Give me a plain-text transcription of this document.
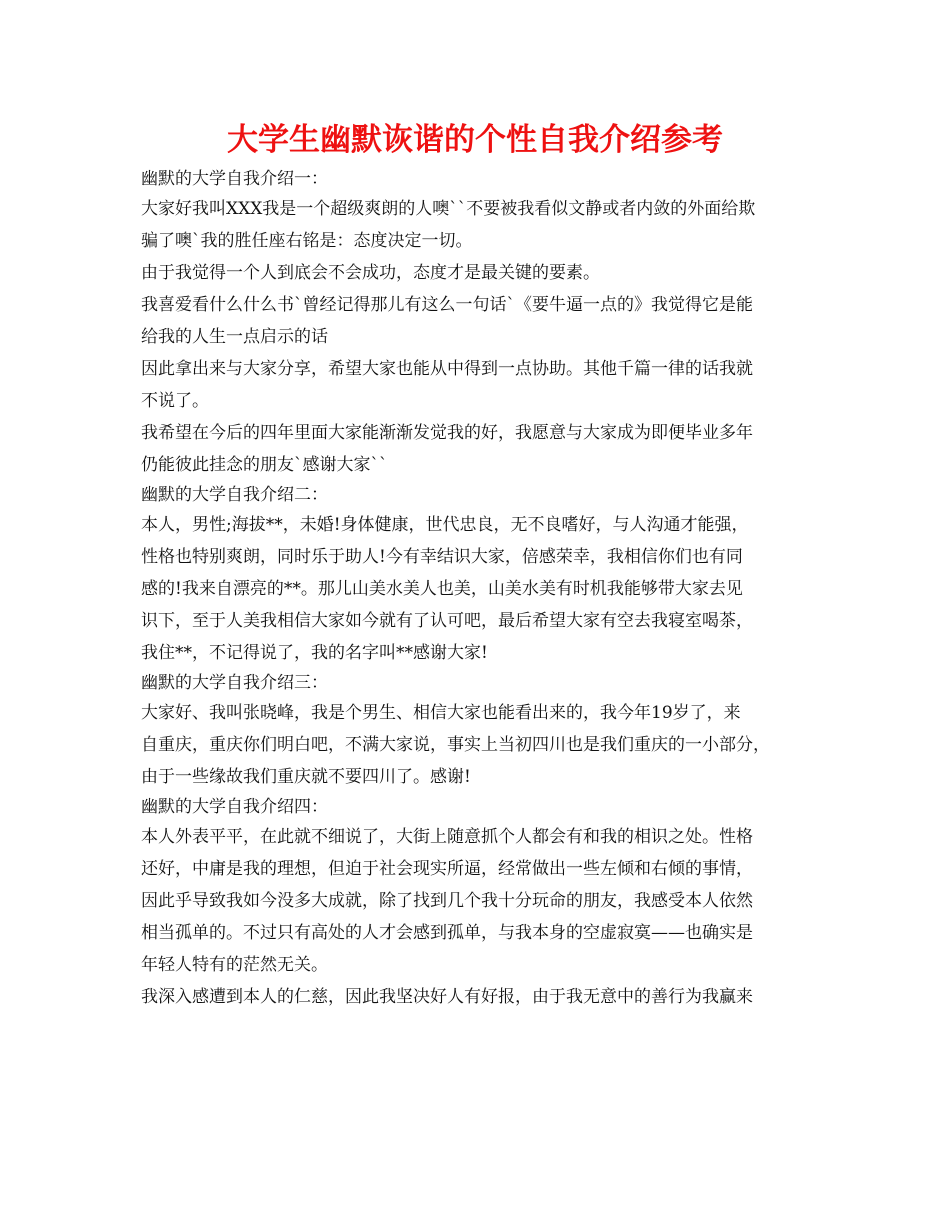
大学生幽默诙谐的个性自我介绍参考

幽默的大学自我介绍一：

大家好我叫XXX我是一个超级爽朗的人噢``不要被我看似文静或者内敛的外面给欺

骗了噢`我的胜任座右铭是：态度决定一切。

由于我觉得一个人到底会不会成功，态度才是最关键的要素。

我喜爱看什么什么书`曾经记得那儿有这么一句话`《要牛逼一点的》我觉得它是能

给我的人生一点启示的话

因此拿出来与大家分享，希望大家也能从中得到一点协助。其他千篇一律的话我就

不说了。

我希望在今后的四年里面大家能渐渐发觉我的好，我愿意与大家成为即便毕业多年

仍能彼此挂念的朋友`感谢大家``

幽默的大学自我介绍二：

本人，男性;海拔**，未婚!身体健康，世代忠良，无不良嗜好，与人沟通才能强，

性格也特别爽朗，同时乐于助人!今有幸结识大家，倍感荣幸，我相信你们也有同

感的!我来自漂亮的**。那儿山美水美人也美，山美水美有时机我能够带大家去见

识下，至于人美我相信大家如今就有了认可吧，最后希望大家有空去我寝室喝茶，

我住**，不记得说了，我的名字叫**感谢大家!

幽默的大学自我介绍三：

大家好、我叫张晓峰，我是个男生、相信大家也能看出来的，我今年19岁了，来

自重庆，重庆你们明白吧，不满大家说，事实上当初四川也是我们重庆的一小部分，

由于一些缘故我们重庆就不要四川了。感谢!

幽默的大学自我介绍四：

本人外表平平，在此就不细说了，大街上随意抓个人都会有和我的相识之处。性格

还好，中庸是我的理想，但迫于社会现实所逼，经常做出一些左倾和右倾的事情，

因此乎导致我如今没多大成就，除了找到几个我十分玩命的朋友，我感受本人依然

相当孤单的。不过只有高处的人才会感到孤单，与我本身的空虚寂寞——也确实是

年轻人特有的茫然无关。

我深入感遭到本人的仁慈，因此我坚决好人有好报，由于我无意中的善行为我赢来
